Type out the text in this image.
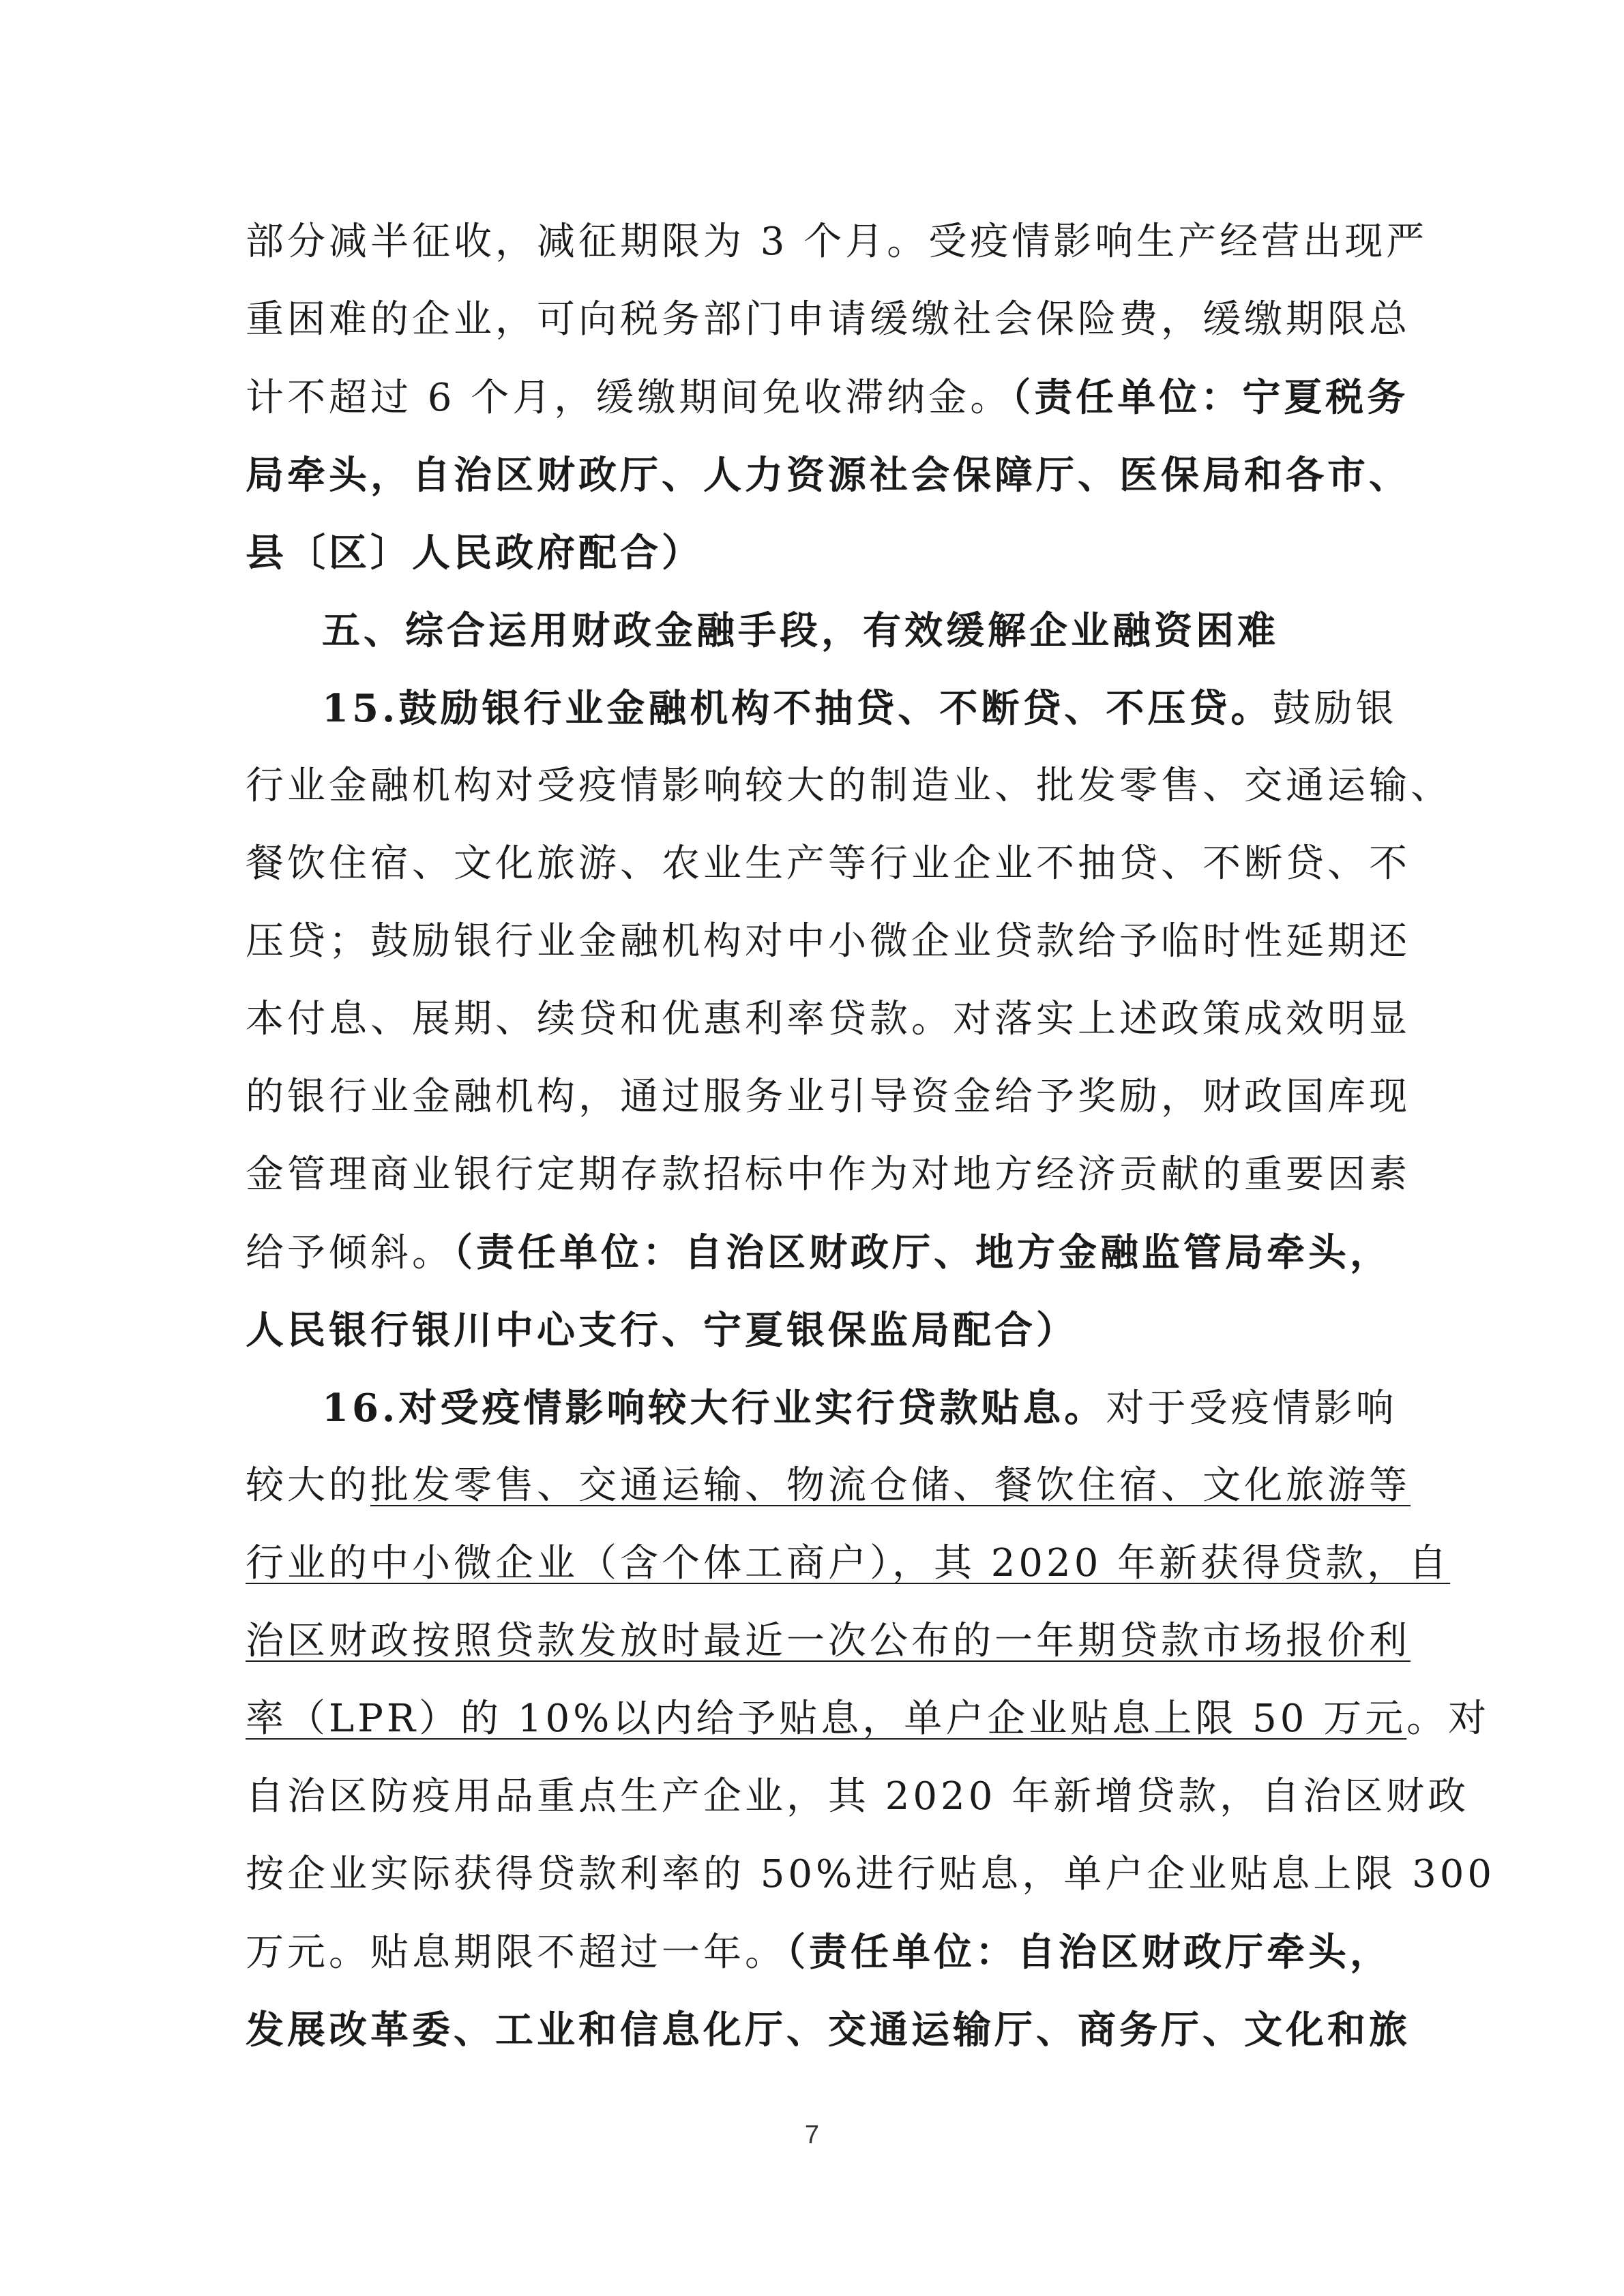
部分减半征收，减征期限为 3 个月。受疫情影响生产经营出现严
重困难的企业，可向税务部门申请缓缴社会保险费，缓缴期限总
计不超过 6 个月，缓缴期间免收滞纳金。（责任单位：宁夏税务
局牵头，自治区财政厅、人力资源社会保障厅、医保局和各市、
县〔区〕人民政府配合）
五、综合运用财政金融手段，有效缓解企业融资困难
15.鼓励银行业金融机构不抽贷、不断贷、不压贷。鼓励银
行业金融机构对受疫情影响较大的制造业、批发零售、交通运输、
餐饮住宿、文化旅游、农业生产等行业企业不抽贷、不断贷、不
压贷；鼓励银行业金融机构对中小微企业贷款给予临时性延期还
本付息、展期、续贷和优惠利率贷款。对落实上述政策成效明显
的银行业金融机构，通过服务业引导资金给予奖励，财政国库现
金管理商业银行定期存款招标中作为对地方经济贡献的重要因素
给予倾斜。（责任单位：自治区财政厅、地方金融监管局牵头，
人民银行银川中心支行、宁夏银保监局配合）
16.对受疫情影响较大行业实行贷款贴息。对于受疫情影响
较大的批发零售、交通运输、物流仓储、餐饮住宿、文化旅游等
行业的中小微企业（含个体工商户），其 2020 年新获得贷款，自
治区财政按照贷款发放时最近一次公布的一年期贷款市场报价利
率（LPR）的 10%以内给予贴息，单户企业贴息上限 50 万元。对
自治区防疫用品重点生产企业，其 2020 年新增贷款，自治区财政
按企业实际获得贷款利率的 50%进行贴息，单户企业贴息上限 300
万元。贴息期限不超过一年。（责任单位：自治区财政厅牵头，
发展改革委、工业和信息化厅、交通运输厅、商务厅、文化和旅
7
